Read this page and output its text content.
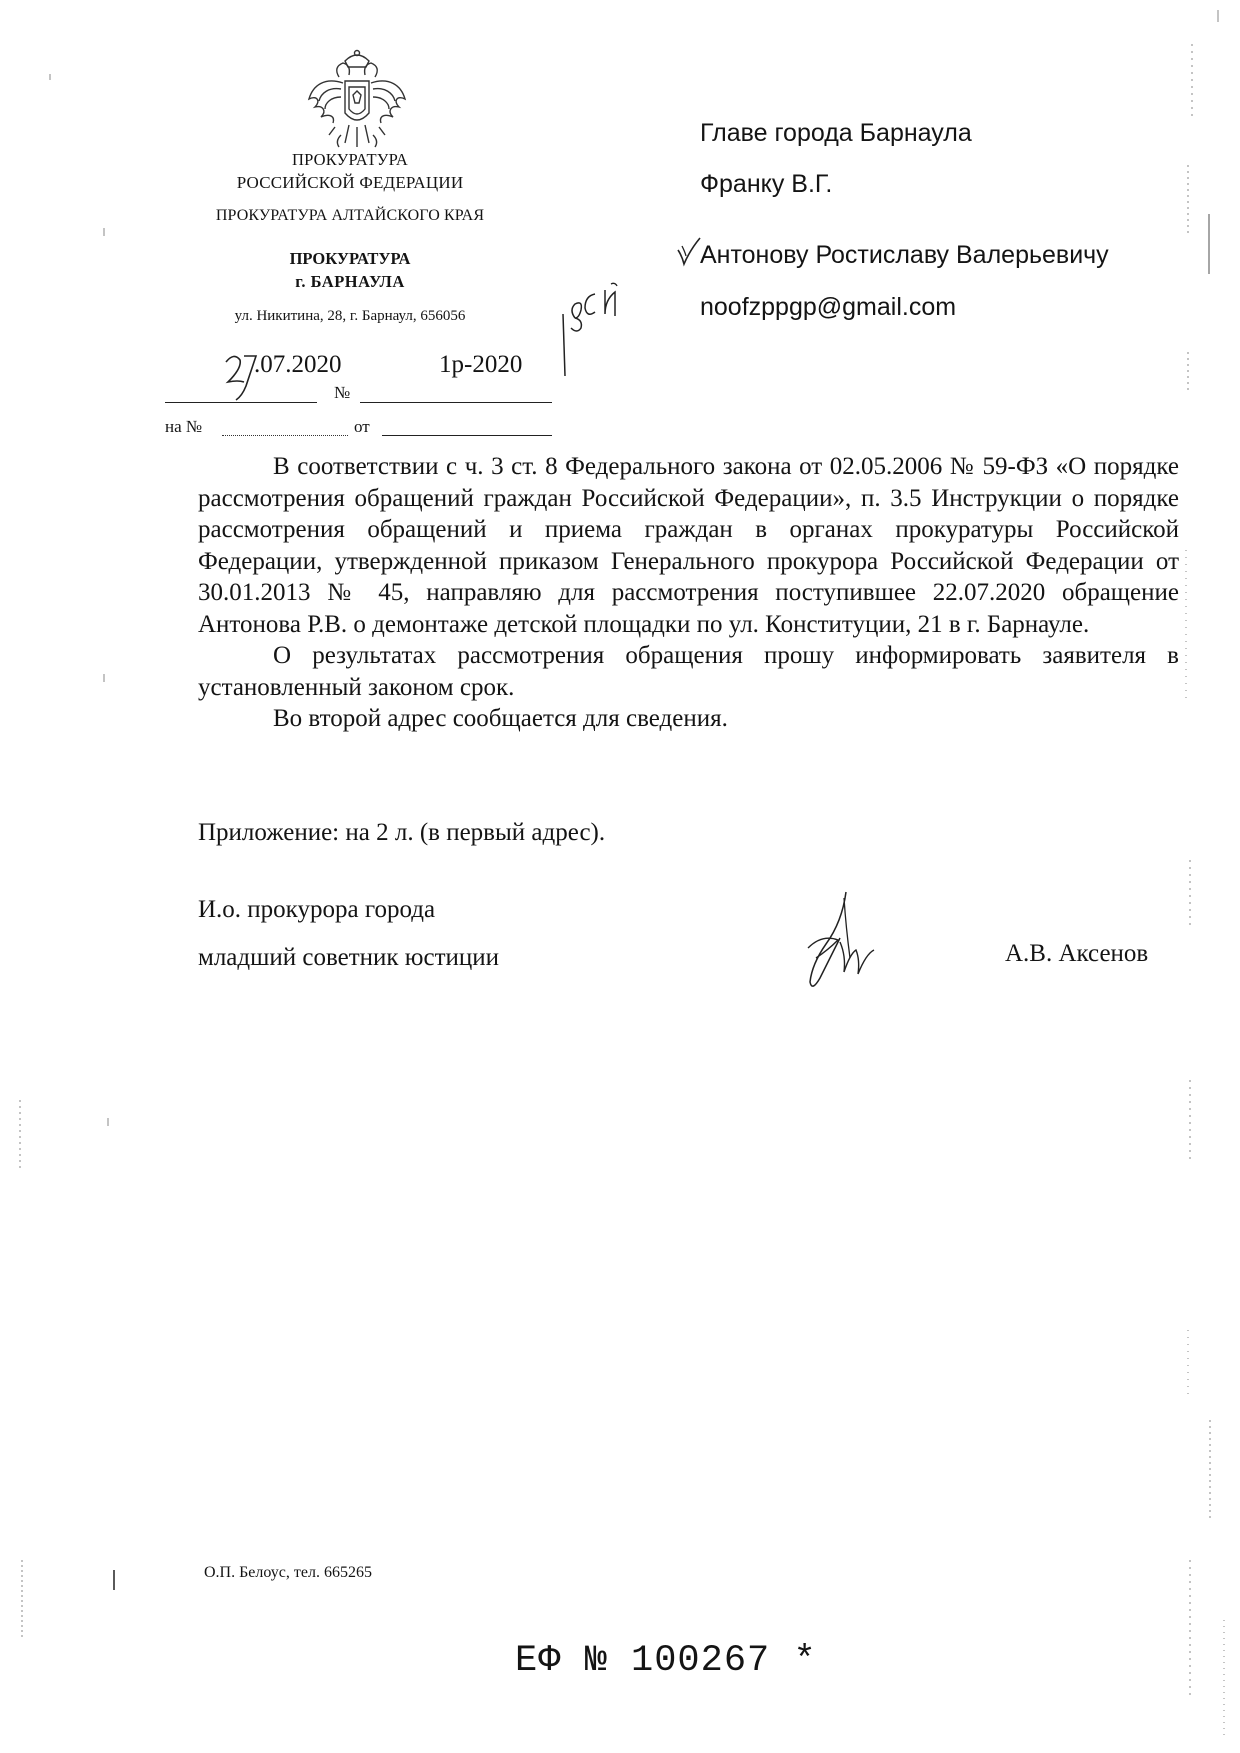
ПРОКУРАТУРА
РОССИЙСКОЙ ФЕДЕРАЦИИ
ПРОКУРАТУРА АЛТАЙСКОГО КРАЯ
ПРОКУРАТУРА
г. БАРНАУЛА
ул. Никитина, 28, г. Барнаул, 656056
.07.2020	1р-2020
№
на №	от
Главе города Барнаула
Франку В.Г.
Антонову Ростиславу Валерьевичу
noofzppgp@gmail.com

В соответствии с ч. 3 ст. 8 Федерального закона от 02.05.2006 № 59-ФЗ «О порядке рассмотрения обращений граждан Российской Федерации», п. 3.5 Инструкции о порядке рассмотрения обращений и приема граждан в органах прокуратуры Российской Федерации, утвержденной приказом Генерального прокурора Российской Федерации от 30.01.2013 № 45, направляю для рассмотрения поступившее 22.07.2020 обращение Антонова Р.В. о демонтаже детской площадки по ул. Конституции, 21 в г. Барнауле.

О результатах рассмотрения обращения прошу информировать заявителя в установленный законом срок.

Во второй адрес сообщается для сведения.

Приложение: на 2 л. (в первый адрес).
И.о. прокурора города
младший советник юстиции	А.В. Аксенов
О.П. Белоус, тел. 665265
ЕФ № 100267 *
